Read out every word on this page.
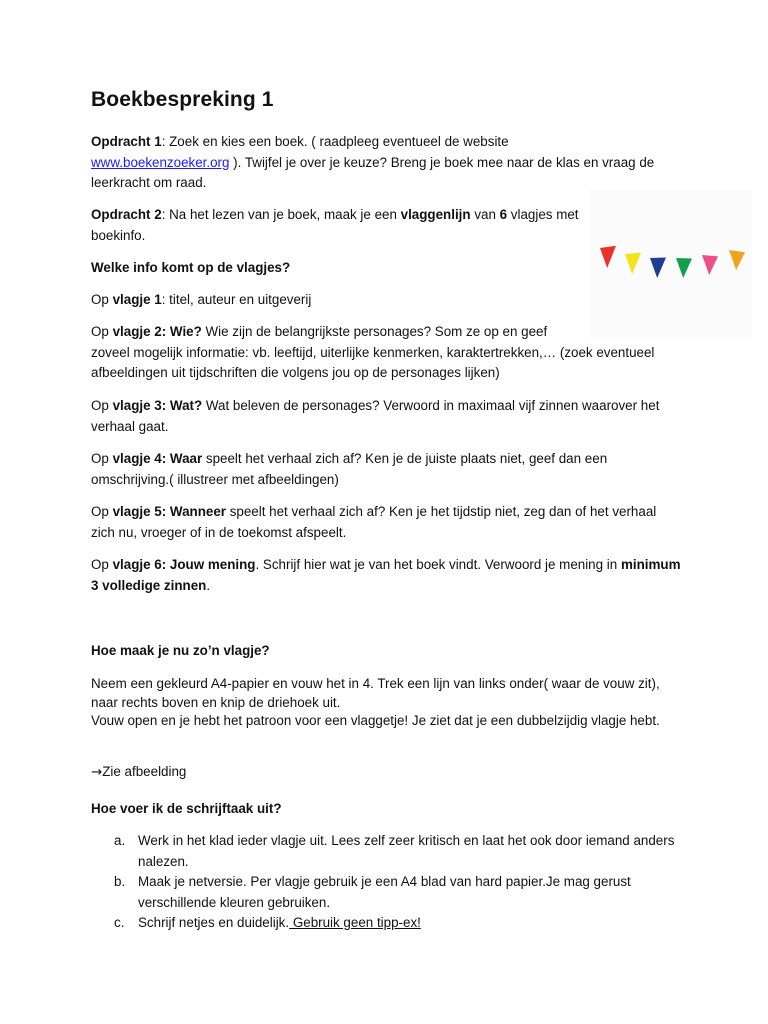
Boekbespreking 1

Opdracht 1: Zoek en kies een boek. ( raadpleeg eventueel de website
www.boekenzoeker.org ). Twijfel je over je keuze? Breng je boek mee naar de klas en vraag de leerkracht om raad.

Opdracht 2: Na het lezen van je boek, maak je een vlaggenlijn van 6 vlagjes met boekinfo.

Welke info komt op de vlagjes?

Op vlagje 1: titel, auteur en uitgeverij

Op vlagje 2: Wie? Wie zijn de belangrijkste personages? Som ze op en geef
zoveel mogelijk informatie: vb. leeftijd, uiterlijke kenmerken, karaktertrekken,… (zoek eventueel afbeeldingen uit tijdschriften die volgens jou op de personages lijken)

Op vlagje 3: Wat? Wat beleven de personages? Verwoord in maximaal vijf zinnen waarover het verhaal gaat.

Op vlagje 4: Waar speelt het verhaal zich af? Ken je de juiste plaats niet, geef dan een omschrijving.( illustreer met afbeeldingen)

Op vlagje 5: Wanneer speelt het verhaal zich af? Ken je het tijdstip niet, zeg dan of het verhaal zich nu, vroeger of in de toekomst afspeelt.

Op vlagje 6: Jouw mening. Schrijf hier wat je van het boek vindt. Verwoord je mening in minimum 3 volledige zinnen.

Hoe maak je nu zo’n vlagje?

Neem een gekleurd A4-papier en vouw het in 4. Trek een lijn van links onder( waar de vouw zit), naar rechts boven en knip de driehoek uit.
Vouw open en je hebt het patroon voor een vlaggetje! Je ziet dat je een dubbelzijdig vlagje hebt.

→Zie afbeelding

Hoe voer ik de schrijftaak uit?

a. Werk in het klad ieder vlagje uit. Lees zelf zeer kritisch en laat het ook door iemand anders nalezen.
b. Maak je netversie. Per vlagje gebruik je een A4 blad van hard papier.Je mag gerust verschillende kleuren gebruiken.
c. Schrijf netjes en duidelijk. Gebruik geen tipp-ex!
